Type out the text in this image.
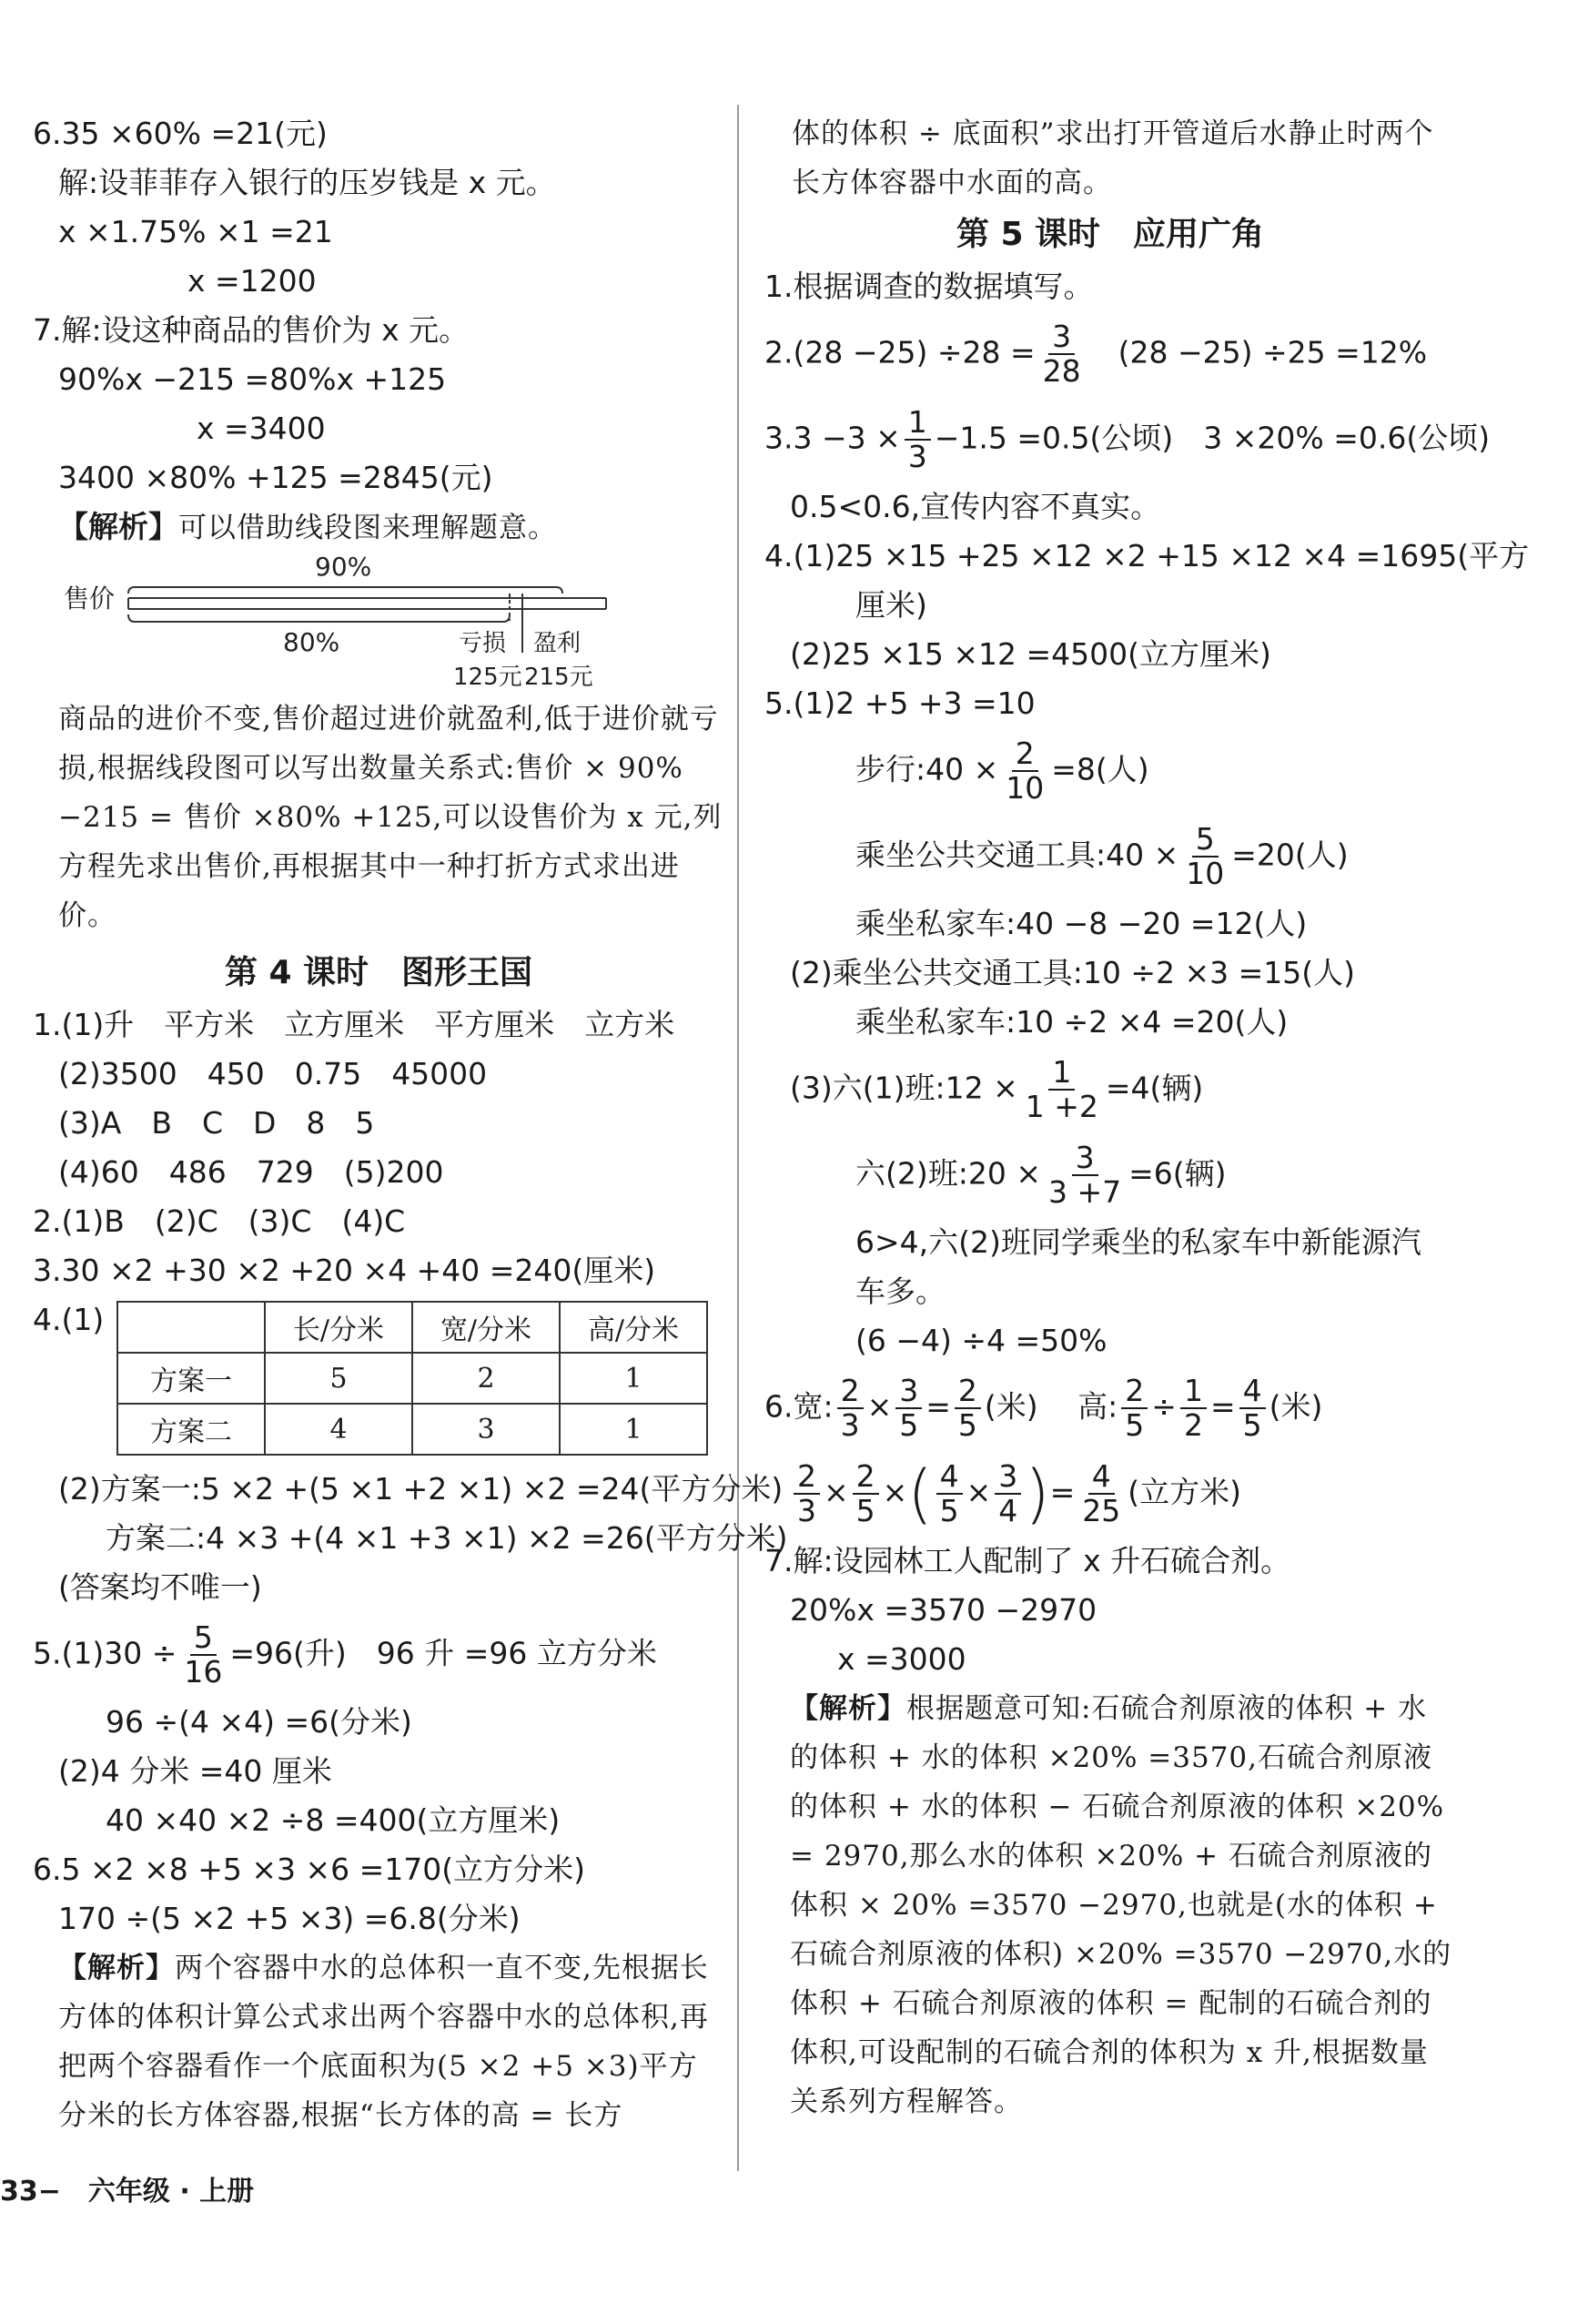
6.35 ×60% =21(元)
解:设菲菲存入银行的压岁钱是 x 元。
x ×1.75% ×1 =21
x =1200
7.解:设这种商品的售价为 x 元。
90%x −215 =80%x +125
x =3400
3400 ×80% +125 =2845(元)
【解析】可以借助线段图来理解题意。
售价
90%
80%	亏损 盈利
125元 215元
商品的进价不变,售价超过进价就盈利,低于进价就亏损,根据线段图可以写出数量关系式:售价 × 90% −215 = 售价 ×80% +125,可以设售价为 x 元,列方程先求出售价,再根据其中一种打折方式求出进价。
第 4 课时　图形王国
1.(1)升　平方米　立方厘米　平方厘米　立方米
(2)3500　450　0.75　45000
(3)A　B　C　D　8　5
(4)60　486　729　(5)200
2.(1)B　(2)C　(3)C　(4)C
3.30 ×2 +30 ×2 +20 ×4 +40 =240(厘米)
4.(1)
		长/分米	宽/分米	高/分米
方案一	5	2	1
方案二	4	3	1
(2)方案一:5 ×2 +(5 ×1 +2 ×1) ×2 =24(平方分米)
方案二:4 ×3 +(4 ×1 +3 ×1) ×2 =26(平方分米)
(答案均不唯一)
$5.(1)30 \div \frac{5}{16} =96$(升)　96 升 =96 立方分米
96 ÷(4 ×4) =6(分米)
(2)4 分米 =40 厘米
40 ×40 ×2 ÷8 =400(立方厘米)
6.5 ×2 ×8 +5 ×3 ×6 =170(立方分米)
170 ÷(5 ×2 +5 ×3) =6.8(分米)
【解析】两个容器中水的总体积一直不变,先根据长方体的体积计算公式求出两个容器中水的总体积,再把两个容器看作一个底面积为(5 ×2 +5 ×3)平方分米的长方体容器,根据“长方体的高 = 长方
体的体积 ÷ 底面积”求出打开管道后水静止时两个长方体容器中水面的高。
第 5 课时　应用广角
1.根据调查的数据填写。
$2.(28 -25) \div 28 = \frac{3}{28}$
　 (28 −25) ÷25 =12%
$3.3 -3 \times \frac{1}{3} -1.5 =0.5$(公顷)　3 ×20% =0.6(公顷)
0.5<0.6,宣传内容不真实。
4.(1)25 ×15 +25 ×12 ×2 +15 ×12 ×4 =1695(平方
厘米)
(2)25 ×15 ×12 =4500(立方厘米)
5.(1)2 +5 +3 =10
步行:40 × $\frac{2}{10} =8$(人)
乘坐公共交通工具:40 × $\frac{5}{10} =20$(人)
乘坐私家车:40 −8 −20 =12(人)
(2)乘坐公共交通工具:10 ÷2 ×3 =15(人)
乘坐私家车:10 ÷2 ×4 =20(人)
(3)六(1)班:12 × $\frac{1}{1 +2} =4$(辆)
六(2)班:20 × $\frac{3}{3 +7} =6$(辆)
6>4,六(2)班同学乘坐的私家车中新能源汽
车多。
(6 −4) ÷4 =50%
6.宽: $\frac{2}{3} \times \frac{3}{5} = \frac{2}{5}$ (米)　 高: $\frac{2}{5} \div \frac{1}{2} = \frac{4}{5}$ (米)
$\frac{2}{3} \times \frac{2}{5}$ ×( $\frac{4}{5} \times \frac{3}{4}$ )= $\frac{4}{25}$ (立方米)
7.解:设园林工人配制了 x 升石硫合剂。
20%x =3570 −2970
x =3000
【解析】根据题意可知:石硫合剂原液的体积 + 水的体积 + 水的体积 ×20% =3570,石硫合剂原液的体积 + 水的体积 − 石硫合剂原液的体积 ×20% = 2970,那么水的体积 ×20% + 石硫合剂原液的体积 × 20% =3570 −2970,也就是(水的体积 + 石硫合剂原液的体积) ×20% =3570 −2970,水的体积 + 石硫合剂原液的体积 = 配制的石硫合剂的体积,可设配制的石硫合剂的体积为 x 升,根据数量关系列方程解答。
33−　六年级 · 上册
